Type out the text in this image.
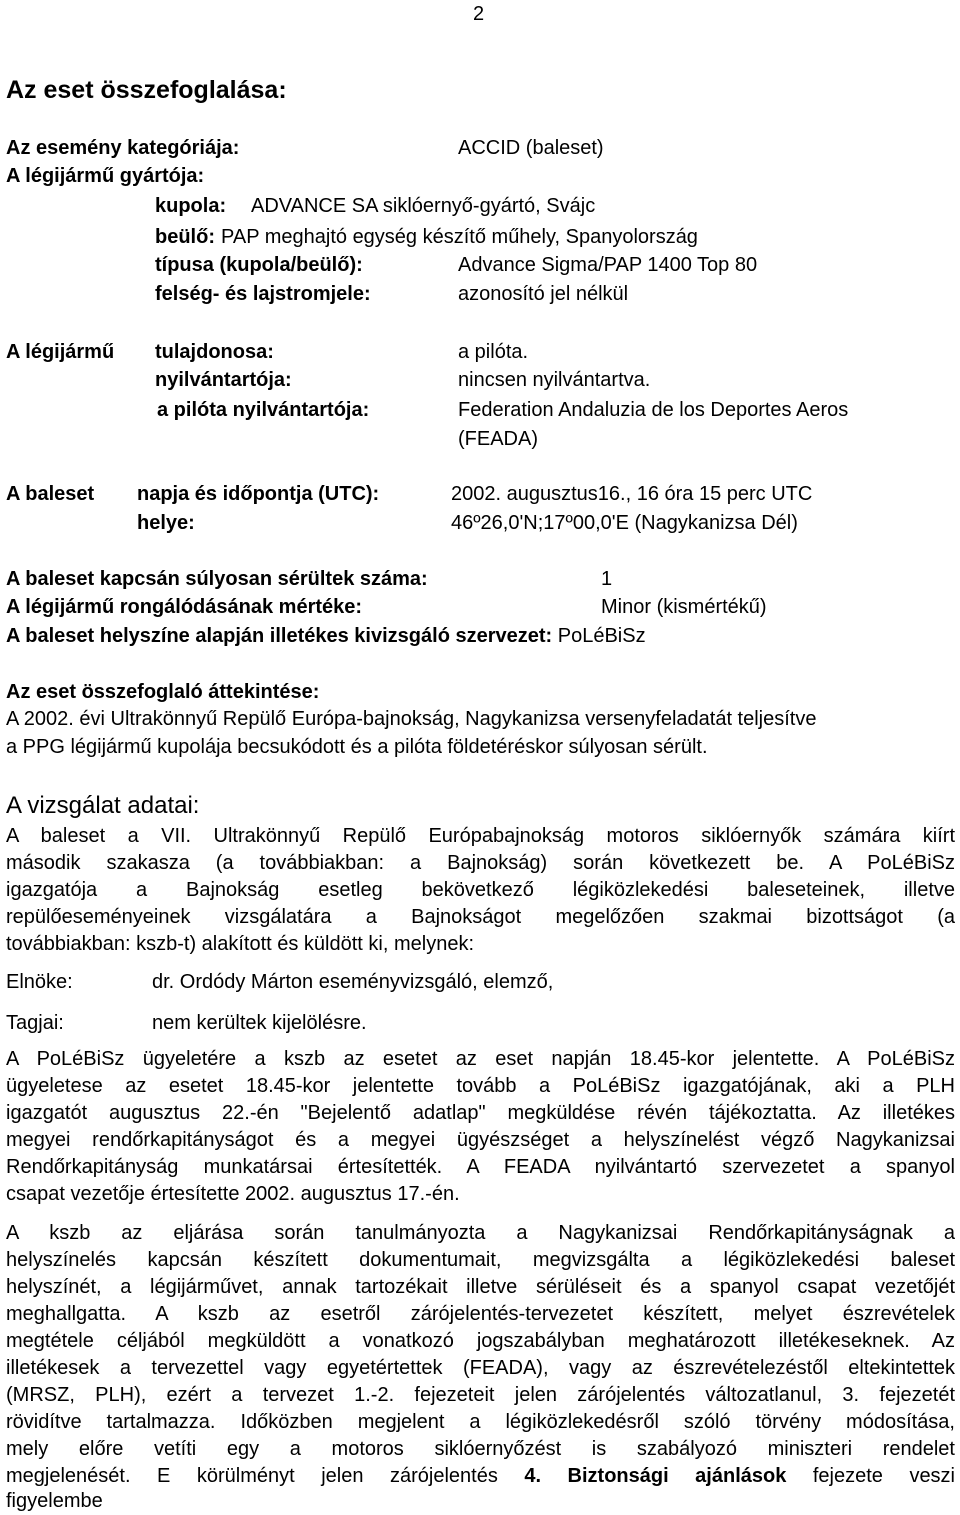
2
Az eset összefoglalása:
Az esemény kategóriája:	ACCID (baleset)
A légijármű gyártója:
kupola: ADVANCE SA siklóernyő-gyártó, Svájc
beülő: PAP meghajtó egység készítő műhely, Spanyolország
típusa (kupola/beülő):	Advance Sigma/PAP 1400 Top 80
felség- és lajstromjele:	azonosító jel nélkül
A légijármű tulajdonosa:	a pilóta.
nyilvántartója:	nincsen nyilvántartva.
a pilóta nyilvántartója:	Federation Andaluzia de los Deportes Aeros
(FEADA)
A baleset napja és időpontja (UTC):	2002. augusztus16., 16 óra 15 perc UTC
helye:	46º26,0'N;17º00,0'E (Nagykanizsa Dél)
A baleset kapcsán súlyosan sérültek száma:	1
A légijármű rongálódásának mértéke:	Minor (kismértékű)
A baleset helyszíne alapján illetékes kivizsgáló szervezet: PoLéBiSz
Az eset összefoglaló áttekintése:
A 2002. évi Ultrakönnyű Repülő Európa-bajnokság, Nagykanizsa versenyfeladatát teljesítve
a PPG légijármű kupolája becsukódott és a pilóta földetéréskor súlyosan sérült.
A vizsgálat adatai:
A baleset a VII. Ultrakönnyű Repülő Európabajnokság motoros siklóernyők számára kiírt
második szakasza (a továbbiakban: a Bajnokság) során következett be. A PoLéBiSz
igazgatója a Bajnokság esetleg bekövetkező légiközlekedési baleseteinek, illetve
repülőeseményeinek vizsgálatára a Bajnokságot megelőzően szakmai bizottságot (a
továbbiakban: kszb-t) alakított és küldött ki, melynek:
Elnöke:	dr. Ordódy Márton eseményvizsgáló, elemző,
Tagjai:	nem kerültek kijelölésre.
A PoLéBiSz ügyeletére a kszb az esetet az eset napján 18.45-kor jelentette. A PoLéBiSz
ügyeletese az esetet 18.45-kor jelentette tovább a PoLéBiSz igazgatójának, aki a PLH
igazgatót augusztus 22.-én "Bejelentő adatlap" megküldése révén tájékoztatta. Az illetékes
megyei rendőrkapitányságot és a megyei ügyészséget a helyszínelést végző Nagykanizsai
Rendőrkapitányság munkatársai értesítették. A FEADA nyilvántartó szervezetet a spanyol
csapat vezetője értesítette 2002. augusztus 17.-én.
A kszb az eljárása során tanulmányozta a Nagykanizsai Rendőrkapitányságnak a
helyszínelés kapcsán készített dokumentumait, megvizsgálta a légiközlekedési baleset
helyszínét, a légijárművet, annak tartozékait illetve sérüléseit és a spanyol csapat vezetőjét
meghallgatta. A kszb az esetről zárójelentés-tervezetet készített, melyet észrevételek
megtétele céljából megküldött a vonatkozó jogszabályban meghatározott illetékeseknek. Az
illetékesek a tervezettel vagy egyetértettek (FEADA), vagy az észrevételezéstől eltekintettek
(MRSZ, PLH), ezért a tervezet 1.-2. fejezeteit jelen zárójelentés változatlanul, 3. fejezetét
rövidítve tartalmazza. Időközben megjelent a légiközlekedésről szóló törvény módosítása,
mely előre vetíti egy a motoros siklóernyőzést is szabályozó miniszteri rendelet
megjelenését. E körülményt jelen zárójelentés 4. Biztonsági ajánlások fejezete veszi
figyelembe
